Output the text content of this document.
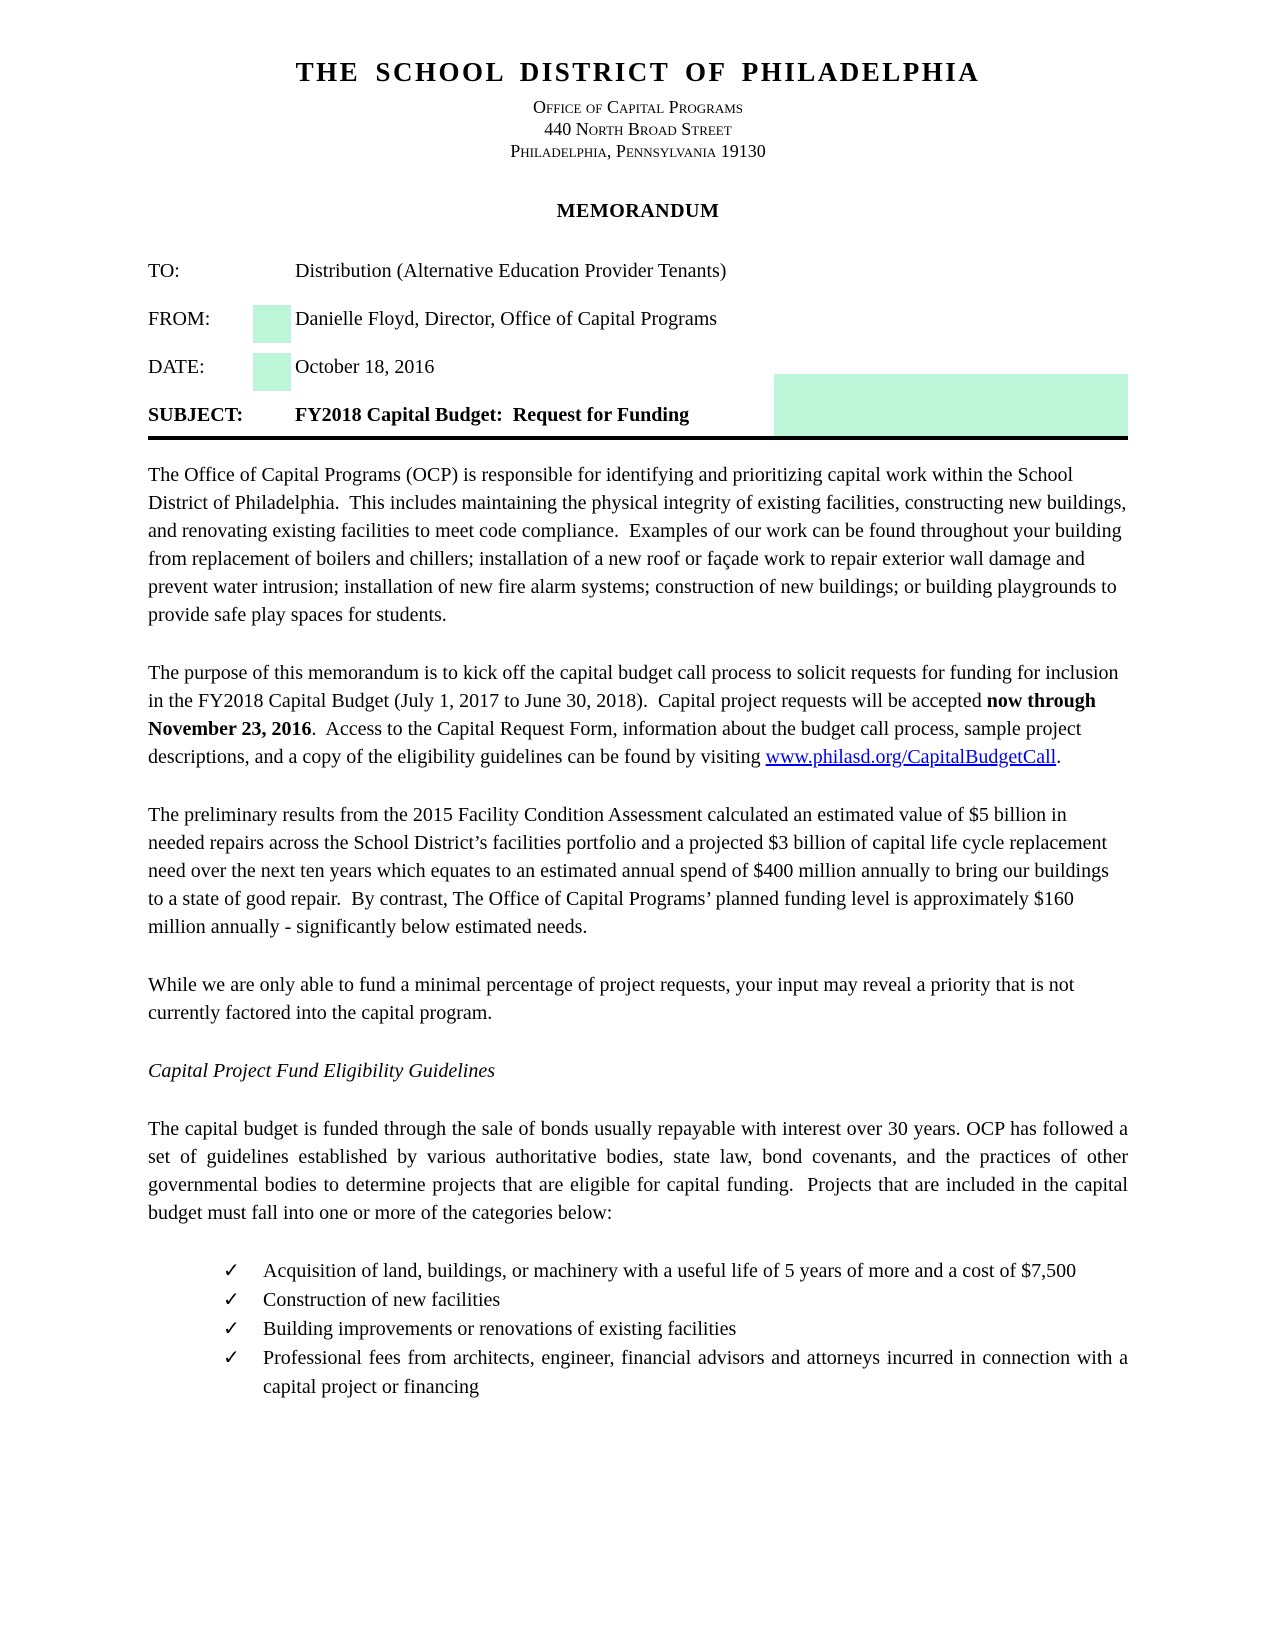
THE SCHOOL DISTRICT OF PHILADELPHIA
Office of Capital Programs
440 North Broad Street
Philadelphia, Pennsylvania 19130
MEMORANDUM
TO:	Distribution (Alternative Education Provider Tenants)
FROM:	Danielle Floyd, Director, Office of Capital Programs
DATE:	October 18, 2016
SUBJECT:	FY2018 Capital Budget:  Request for Funding

The Office of Capital Programs (OCP) is responsible for identifying and prioritizing capital work within the School District of Philadelphia.  This includes maintaining the physical integrity of existing facilities, constructing new buildings, and renovating existing facilities to meet code compliance.  Examples of our work can be found throughout your building from replacement of boilers and chillers; installation of a new roof or façade work to repair exterior wall damage and prevent water intrusion; installation of new fire alarm systems; construction of new buildings; or building playgrounds to provide safe play spaces for students.

The purpose of this memorandum is to kick off the capital budget call process to solicit requests for funding for inclusion in the FY2018 Capital Budget (July 1, 2017 to June 30, 2018).  Capital project requests will be accepted now through November 23, 2016.  Access to the Capital Request Form, information about the budget call process, sample project descriptions, and a copy of the eligibility guidelines can be found by visiting www.philasd.org/CapitalBudgetCall.

The preliminary results from the 2015 Facility Condition Assessment calculated an estimated value of $5 billion in needed repairs across the School District’s facilities portfolio and a projected $3 billion of capital life cycle replacement need over the next ten years which equates to an estimated annual spend of $400 million annually to bring our buildings to a state of good repair.  By contrast, The Office of Capital Programs’ planned funding level is approximately $160 million annually - significantly below estimated needs.

While we are only able to fund a minimal percentage of project requests, your input may reveal a priority that is not currently factored into the capital program.

Capital Project Fund Eligibility Guidelines

The capital budget is funded through the sale of bonds usually repayable with interest over 30 years. OCP has followed a set of guidelines established by various authoritative bodies, state law, bond covenants, and the practices of other governmental bodies to determine projects that are eligible for capital funding.  Projects that are included in the capital budget must fall into one or more of the categories below:

✓ Acquisition of land, buildings, or machinery with a useful life of 5 years of more and a cost of $7,500
✓ Construction of new facilities
✓ Building improvements or renovations of existing facilities
✓ Professional fees from architects, engineer, financial advisors and attorneys incurred in connection with a capital project or financing
